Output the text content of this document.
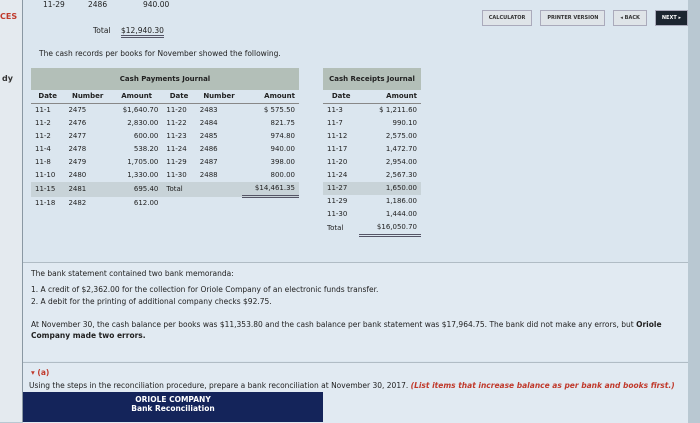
CES
dy
CALCULATOR	PRINTER VERSION	◂ BACK	NEXT ▸
11-29	2486	940.00
Total $12,940.30
The cash records per books for November showed the following.
Cash Payments Journal					
Date	Number	Amount	Date	Number	Amount
11-1	2475	$1,640.70	11-20	2483	$ 575.50
11-2	2476	2,830.00	11-22	2484	821.75
11-2	2477	600.00	11-23	2485	974.80
11-4	2478	538.20	11-24	2486	940.00
11-8	2479	1,705.00	11-29	2487	398.00
11-10	2480	1,330.00	11-30	2488	800.00
11-15	2481	695.40	Total		$14,461.35
11-18	2482	612.00			
Cash Receipts Journal	
Date	Amount
11-3	$ 1,211.60
11-7	990.10
11-12	2,575.00
11-17	1,472.70
11-20	2,954.00
11-24	2,567.30
11-27	1,650.00
11-29	1,186.00
11-30	1,444.00
Total	$16,050.70
The bank statement contained two bank memoranda:
1. A credit of $2,362.00 for the collection for Oriole Company of an electronic funds transfer.
2. A debit for the printing of additional company checks $92.75.
At November 30, the cash balance per books was $11,353.80 and the cash balance per bank statement was $17,964.75. The bank did not make any errors, but Oriole Company made two errors.
▾ (a)
Using the steps in the reconciliation procedure, prepare a bank reconciliation at November 30, 2017. (List items that increase balance as per bank and books first.)
ORIOLE COMPANY
Bank Reconciliation
